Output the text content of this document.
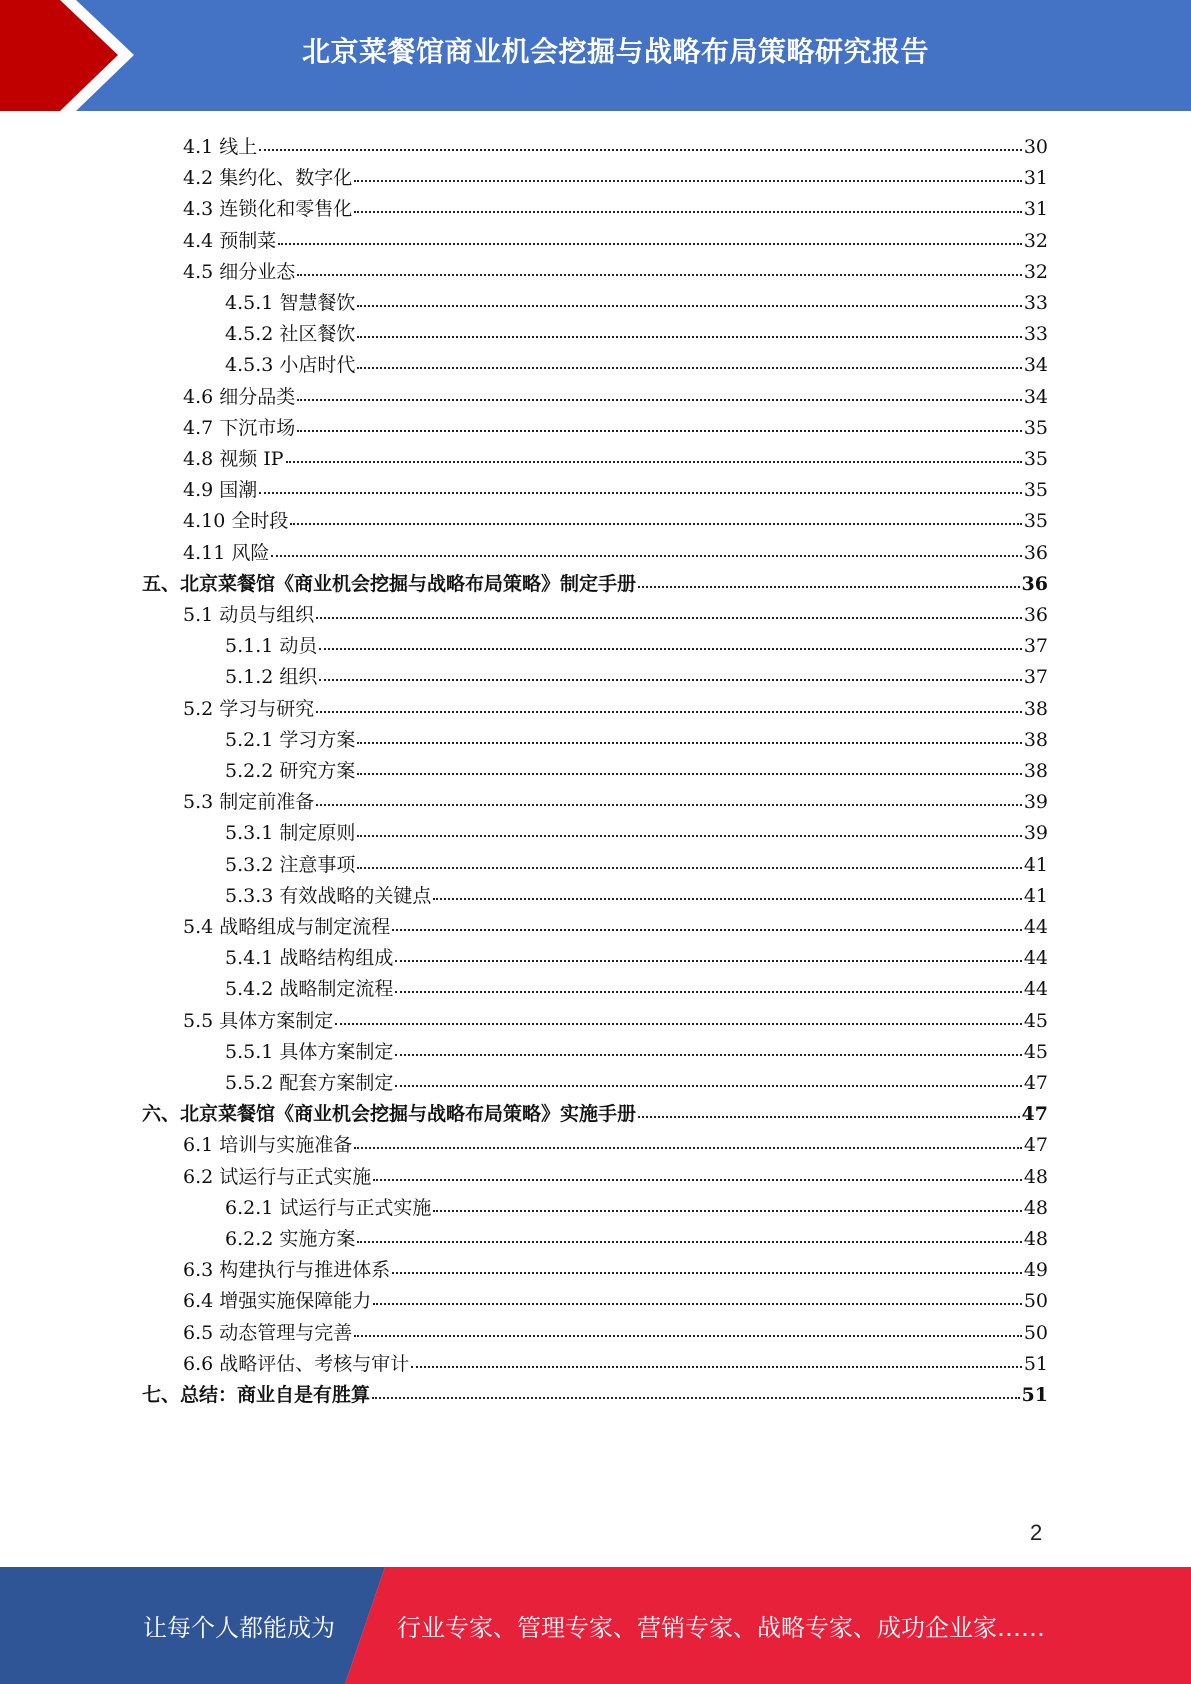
北京菜餐馆商业机会挖掘与战略布局策略研究报告
4.1 线上	30
4.2 集约化、数字化	31
4.3 连锁化和零售化	31
4.4 预制菜	32
4.5 细分业态	32
4.5.1 智慧餐饮	33
4.5.2 社区餐饮	33
4.5.3 小店时代	34
4.6 细分品类	34
4.7 下沉市场	35
4.8 视频 IP	35
4.9 国潮	35
4.10 全时段	35
4.11 风险	36
五、北京菜餐馆《商业机会挖掘与战略布局策略》制定手册	36
5.1 动员与组织	36
5.1.1 动员	37
5.1.2 组织	37
5.2 学习与研究	38
5.2.1 学习方案	38
5.2.2 研究方案	38
5.3 制定前准备	39
5.3.1 制定原则	39
5.3.2 注意事项	41
5.3.3 有效战略的关键点	41
5.4 战略组成与制定流程	44
5.4.1 战略结构组成	44
5.4.2 战略制定流程	44
5.5 具体方案制定	45
5.5.1 具体方案制定	45
5.5.2 配套方案制定	47
六、北京菜餐馆《商业机会挖掘与战略布局策略》实施手册	47
6.1 培训与实施准备	47
6.2 试运行与正式实施	48
6.2.1 试运行与正式实施	48
6.2.2 实施方案	48
6.3 构建执行与推进体系	49
6.4 增强实施保障能力	50
6.5 动态管理与完善	50
6.6 战略评估、考核与审计	51
七、总结：商业自是有胜算	51
2
让每个人都能成为	行业专家、管理专家、营销专家、战略专家、成功企业家……
